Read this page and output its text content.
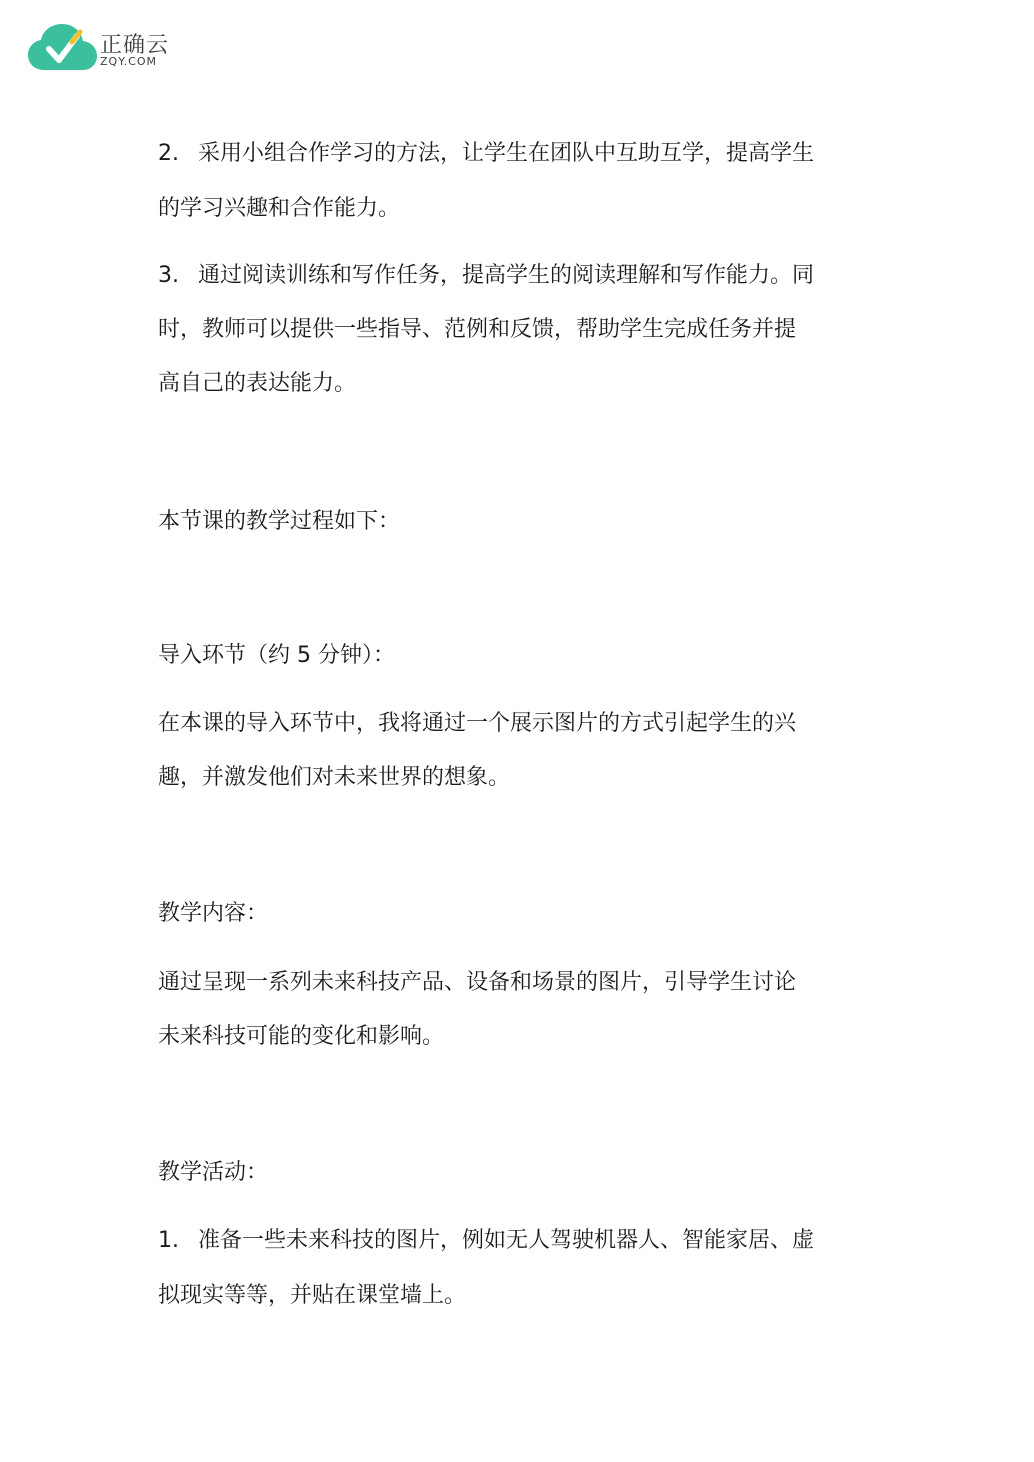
正确云
ZQY.COM

2. 采用小组合作学习的方法，让学生在团队中互助互学，提高学生

的学习兴趣和合作能力。

3. 通过阅读训练和写作任务，提高学生的阅读理解和写作能力。同

时，教师可以提供一些指导、范例和反馈，帮助学生完成任务并提

高自己的表达能力。

本节课的教学过程如下：

导入环节（约 5 分钟）：

在本课的导入环节中，我将通过一个展示图片的方式引起学生的兴

趣，并激发他们对未来世界的想象。

教学内容：

通过呈现一系列未来科技产品、设备和场景的图片，引导学生讨论

未来科技可能的变化和影响。

教学活动：

1. 准备一些未来科技的图片，例如无人驾驶机器人、智能家居、虚

拟现实等等，并贴在课堂墙上。
